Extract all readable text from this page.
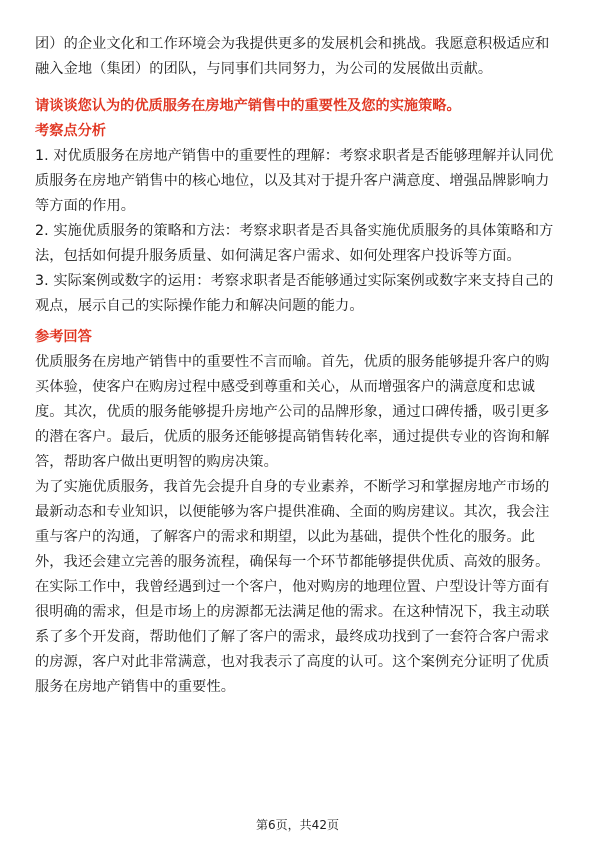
团）的企业文化和工作环境会为我提供更多的发展机会和挑战。我愿意积极适应和

融入金地（集团）的团队，与同事们共同努力，为公司的发展做出贡献。

请谈谈您认为的优质服务在房地产销售中的重要性及您的实施策略。

考察点分析

1. 对优质服务在房地产销售中的重要性的理解：考察求职者是否能够理解并认同优

质服务在房地产销售中的核心地位，以及其对于提升客户满意度、增强品牌影响力

等方面的作用。

2. 实施优质服务的策略和方法：考察求职者是否具备实施优质服务的具体策略和方

法，包括如何提升服务质量、如何满足客户需求、如何处理客户投诉等方面。

3. 实际案例或数字的运用：考察求职者是否能够通过实际案例或数字来支持自己的

观点，展示自己的实际操作能力和解决问题的能力。

参考回答

优质服务在房地产销售中的重要性不言而喻。首先，优质的服务能够提升客户的购

买体验，使客户在购房过程中感受到尊重和关心，从而增强客户的满意度和忠诚

度。其次，优质的服务能够提升房地产公司的品牌形象，通过口碑传播，吸引更多

的潜在客户。最后，优质的服务还能够提高销售转化率，通过提供专业的咨询和解

答，帮助客户做出更明智的购房决策。

为了实施优质服务，我首先会提升自身的专业素养，不断学习和掌握房地产市场的

最新动态和专业知识，以便能够为客户提供准确、全面的购房建议。其次，我会注

重与客户的沟通，了解客户的需求和期望，以此为基础，提供个性化的服务。此

外，我还会建立完善的服务流程，确保每一个环节都能够提供优质、高效的服务。

在实际工作中，我曾经遇到过一个客户，他对购房的地理位置、户型设计等方面有

很明确的需求，但是市场上的房源都无法满足他的需求。在这种情况下，我主动联

系了多个开发商，帮助他们了解了客户的需求，最终成功找到了一套符合客户需求

的房源，客户对此非常满意，也对我表示了高度的认可。这个案例充分证明了优质

服务在房地产销售中的重要性。

第6页，共42页
